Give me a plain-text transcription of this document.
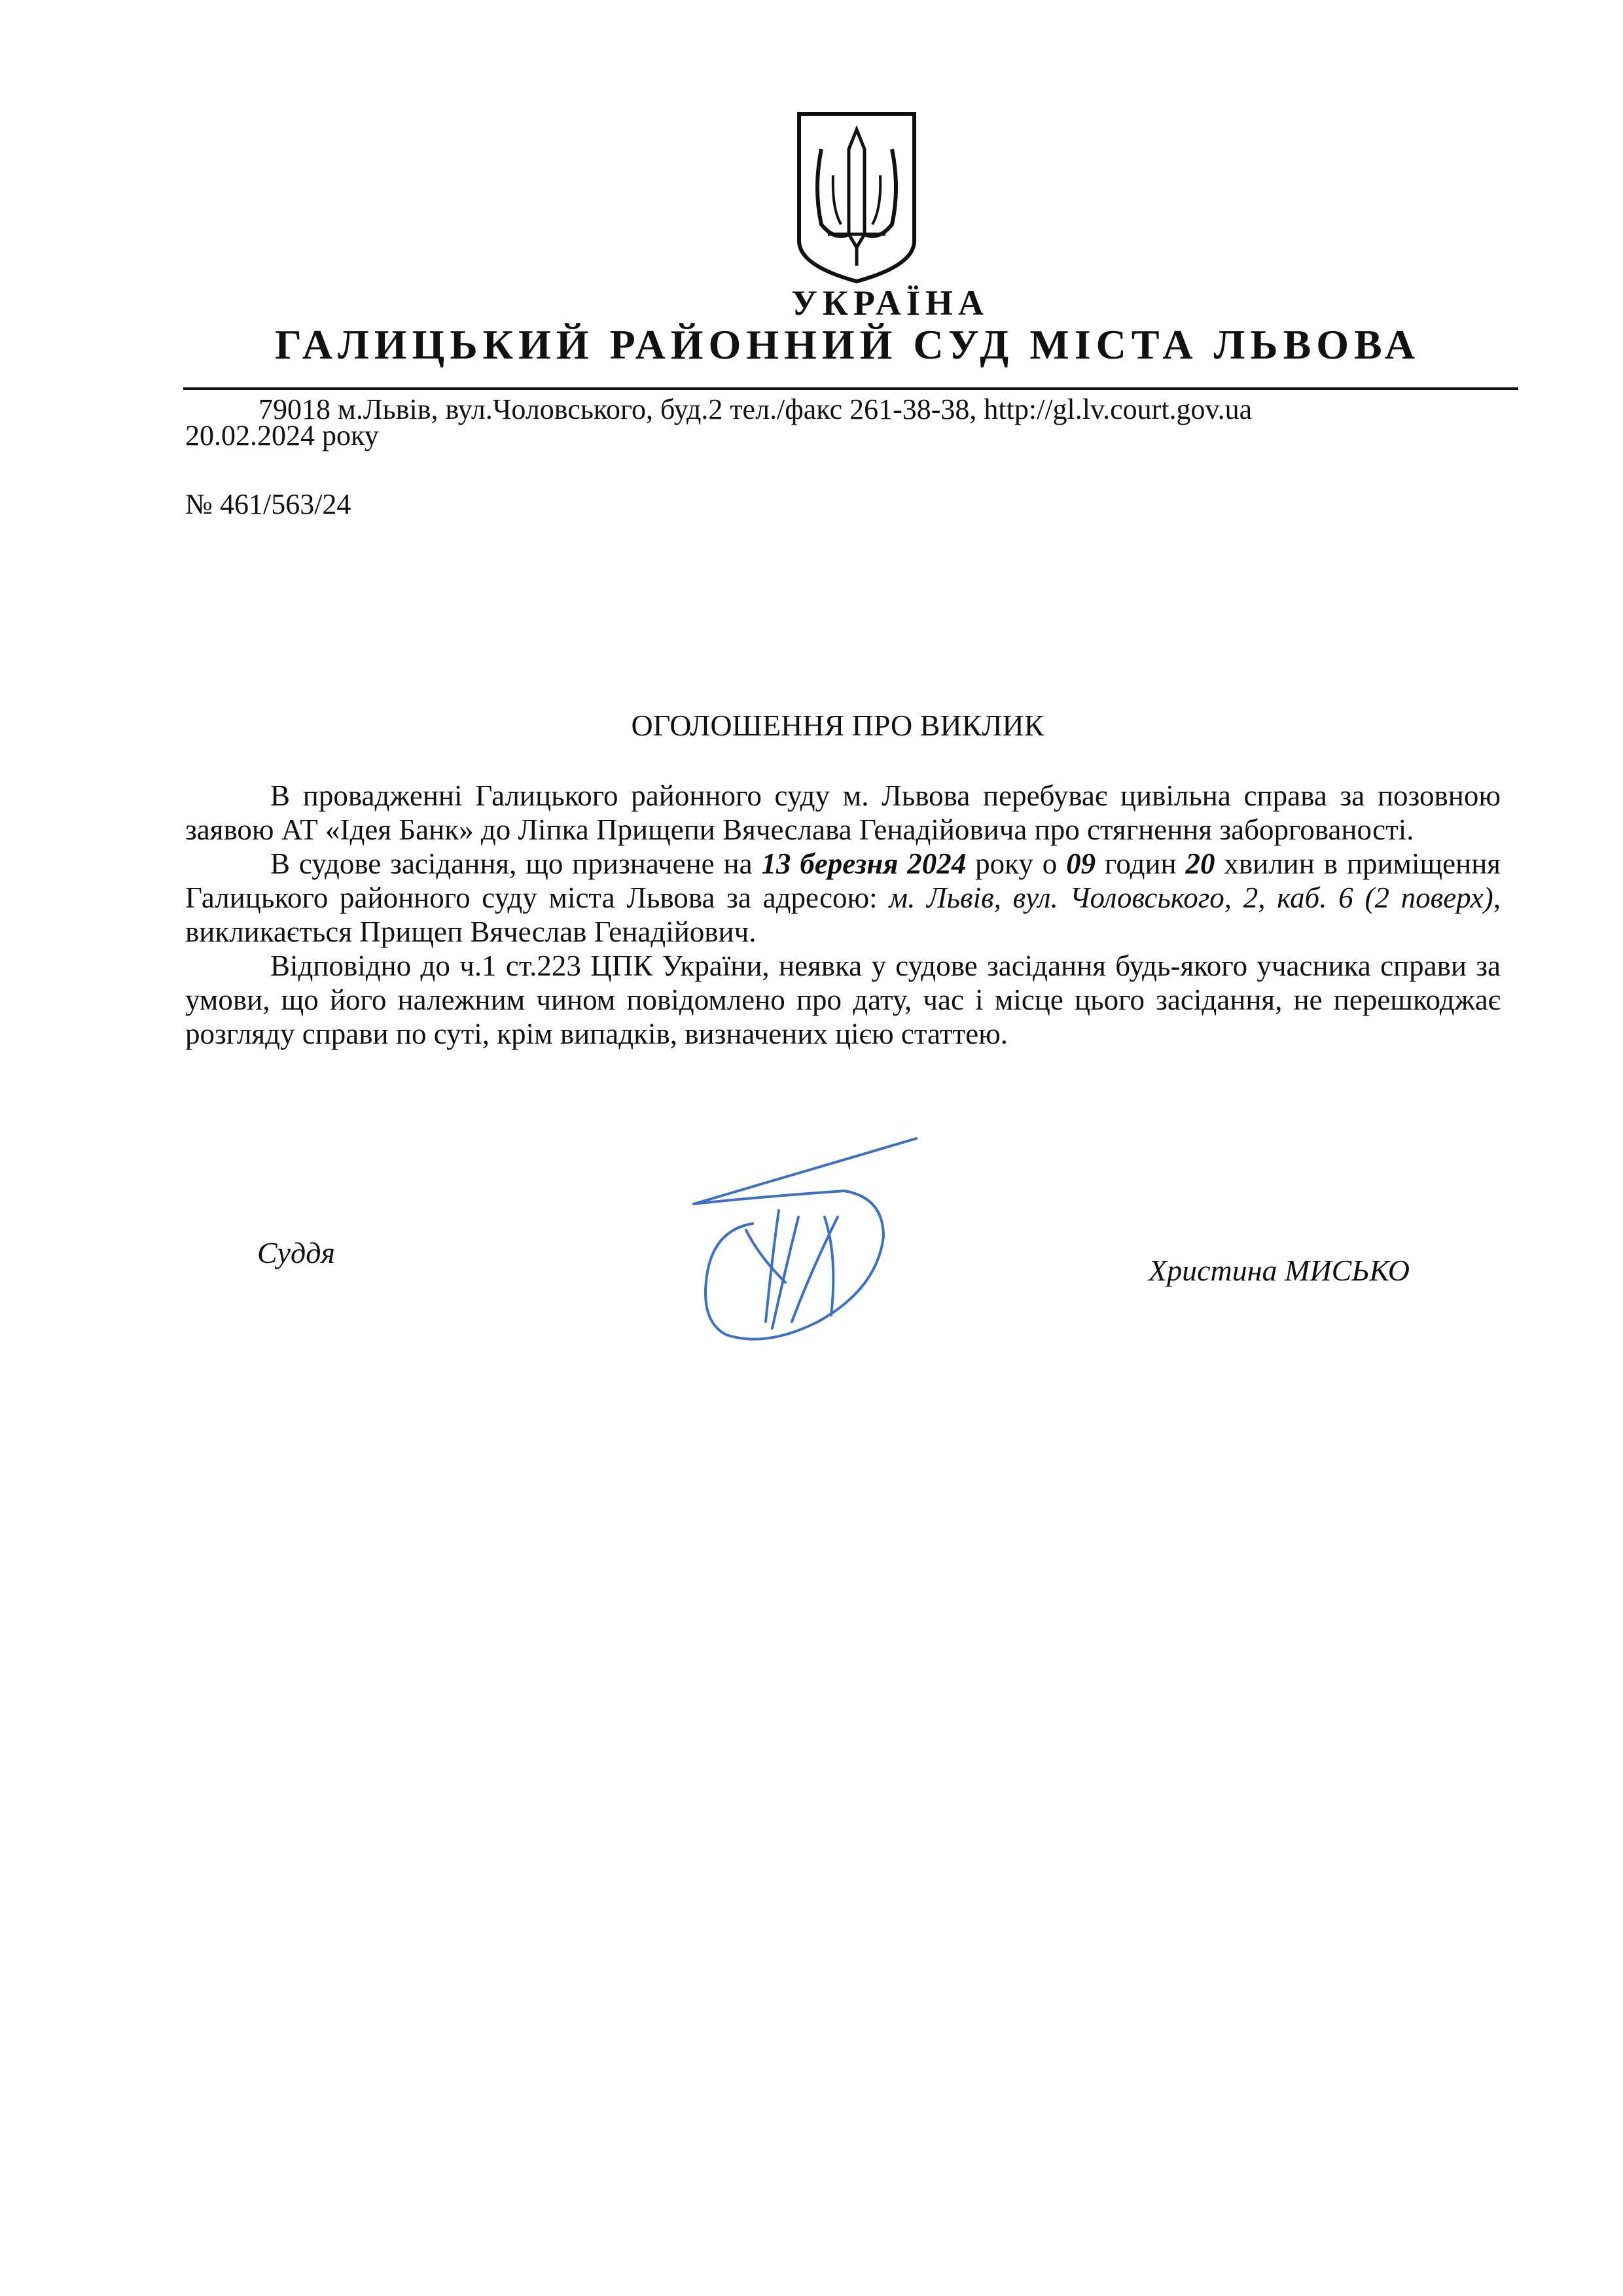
УКРАЇНА
ГАЛИЦЬКИЙ РАЙОННИЙ СУД МІСТА ЛЬВОВА
79018 м.Львів, вул.Чоловського, буд.2 тел./факс 261-38-38, http://gl.lv.court.gov.ua
20.02.2024 року
№ 461/563/24
ОГОЛОШЕННЯ ПРО ВИКЛИК

В провадженні Галицького районного суду м. Львова перебуває цивільна справа за позовною заявою АТ «Ідея Банк» до Ліпка Прищепи Вячеслава Генадійовича про стягнення заборгованості.

В судове засідання, що призначене на 13 березня 2024 року о 09 годин 20 хвилин в приміщення Галицького районного суду міста Львова за адресою: м. Львів, вул. Чоловського, 2, каб. 6 (2 поверх), викликається Прищеп Вячеслав Генадійович.

Відповідно до ч.1 ст.223 ЦПК України, неявка у судове засідання будь-якого учасника справи за умови, що його належним чином повідомлено про дату, час і місце цього засідання, не перешкоджає розгляду справи по суті, крім випадків, визначених цією статтею.

Суддя
Христина МИСЬКО
